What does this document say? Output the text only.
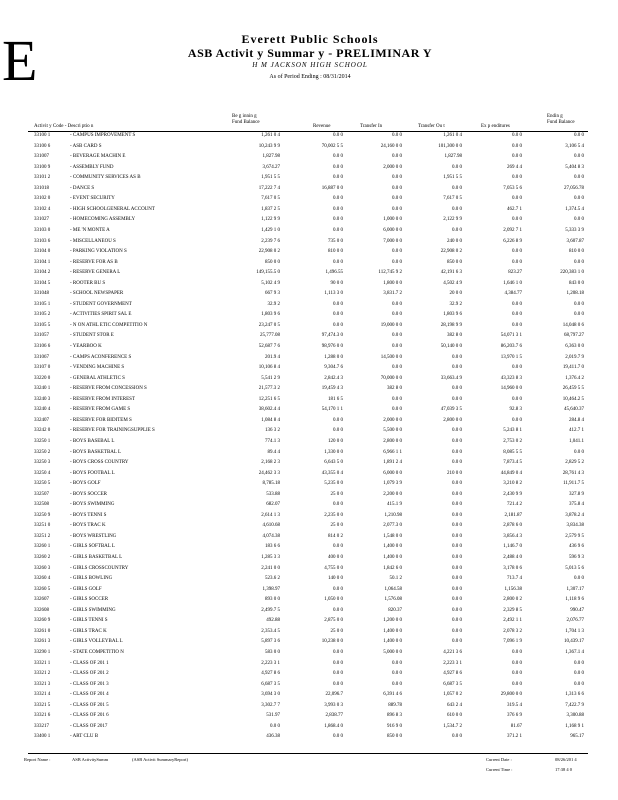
E	Everett Public Schools
ASB Activit y Summar y - PRELIMINAR Y
H M JACKSON HIGH SCHOOL
As of Period Ending : 08/31/2014
Activit y Code - Descri ptio n
Be g innin g
Fund Balance
Revenue	Transfer In	Transfer Ou t	Ex p enditures
Endin g
Fund Balance
33100 1	- CAMPUS IMPROVEMENT S	1,261 0 4	0.0 0	0.0 0	1,261 0 4	0.0 0	0.0 0
33100 6	- ASB CARD S	10,243 9 9	70,002 5 5	24,160 0 0	101,300 0 0	0.0 0	3,106 5 4
331007	- BEVERAGE MACHIN E	1,827.98	0.0 0	0.0 0	1,827.98	0.0 0	0.0 0
33100 9	- ASSEMBLY FUND	3,674.27	0.0 0	2,000 0 0	0.0 0	269 4 4	5,404 8 3
33101 2	- COMMUNITY SERVICES AS B	1,951 5 5	0.0 0	0.0 0	1,951 5 5	0.0 0	0.0 0
331018	- DANCE S	17,222 7 4	16,887 0 0	0.0 0	0.0 0	7,053 5 6	27,056.78
33102 0	- EVENT SECURITY	7,617 0 5	0.0 0	0.0 0	7,617 0 5	0.0 0	0.0 0
33102 4	- HIGH SCHOOLGENERAL ACCOUNT	1,837 2 5	0.0 0	0.0 0	0.0 0	462.7 1	1,374.5 4
331027	- HOMECOMING ASSEMBLY	1,122 9 9	0.0 0	1,000 0 0	2,122 9 9	0.0 0	0.0 0
33103 0	- ME 'N MONTE A	1,429 1 0	0.0 0	6,000 0 0	0.0 0	2,092 7 1	5,333 3 9
33103 6	- MISCELLANEOU S	2,239 7 6	735 0 0	7,000 0 0	240 0 0	6,226 8 9	3,607.87
33104 0	- PARKING VIOLATION S	22,908 0 2	810 0 0	0.0 0	22,908 0 2	0.0 0	810 0 0
33104 1	- RESERVE FOR AS B	850 0 0	0.0 0	0.0 0	850 0 0	0.0 0	0.0 0
33104 2	- RESERVE GENERA L	149,155.5 0	1,496.55	112,745 9 2	42,191 6 3	823.27	220,383 1 0
33104 5	- ROOTER BU S	5,102 4 9	90 0 0	1,800 0 0	4,502 4 9	1,646 1 0	843 0 0
331048	- SCHOOL NEWSPAPER	667 9 3	1,113 3 0	3,831.7 2	20 0 0	4,384.77	1,208.18
33105 1	- STUDENT GOVERNMENT	32.9 2	0.0 0	0.0 0	32.9 2	0.0 0	0.0 0
33105 2	- ACTIVITIES SPIRIT SAL E	1,803 9 6	0.0 0	0.0 0	1,803 9 6	0.0 0	0.0 0
33105 5	- N ON ATHL ETIC COMPETITIO N	23,247 0 5	0.0 0	19,000 0 0	28,198 9 9	0.0 0	14,048 0 6
331057	- STUDENT STOR E	25,777.08	97,474.3 0	0.0 0	382 8 0	54,071 3 1	68,797.27
33106 6	- YEARBOO K	52,687 7 6	98,976 0 0	0.0 0	50,140 0 0	86,203.7 6	6,363 0 0
331067	- CAMPS ACONFERENCE S	201.9 4	1,288 0 0	14,500 0 0	0.0 0	13,970 1 5	2,019.7 9
33107 0	- VENDING MACHINE S	10,106 8 4	9,304.7 6	0.0 0	0.0 0	0.0 0	19,411.7 0
33220 0	- GENERAL ATHLETIC S	5,541 2 9	2,842.4 3	70,000 0 0	33,663.4 9	43,323 8 3	1,376.4 2
33240 1	- RESERVE FROM CONCESSION S	21,577.3 2	19,459 4 3	382 8 0	0.0 0	14,960 0 0	26,459 5 5
33240 3	- RESERVE FROM INTEREST	12,251 6 5	181 6 5	0.0 0	0.0 0	0.0 0	10,464.2 5
33240 4	- RESERVE FROM GAME S	38,602.4 4	54,170 1 1	0.0 0	47,039 3 5	92.8 3	45,640.37
332407	- RESERVE FOR BIDITEM S	1,084 8 4	0.0 0	2,000 0 0	2,800 0 0	0.0 0	284.8 4
33242 0	- RESERVE FOR TRAININGSUPPLIE S	136 3 2	0.0 0	5,500 0 0	0.0 0	5,243 8 1	412.7 1
33250 1	- BOYS BASEBAL L	774.1 3	120 0 0	2,800 0 0	0.0 0	2,753 0 2	1,041.1
33250 2	- BOYS BASKETBAL L	89.4 4	1,330 0 0	6,966 1 1	0.0 0	8,085 5 5	0.0 0
33250 3	- BOYS CROSS COUNTRY	2,168 2 3	6,643 5 0	1,891 2 4	0.0 0	7,873.4 5	2,829 5 2
33250 4	- BOYS FOOTBAL L	24,462 3 3	43,355 0 4	6,000 0 0	210 0 0	44,849 0 4	28,761 4 3
33250 5	- BOYS GOLF	8,785.18	5,235 0 0	1,079 3 9	0.0 0	3,210 8 2	11,911.7 5
332507	- BOYS SOCCER	533.88	25 0 0	2,200 0 0	0.0 0	2,430 9 9	327.8 9
332508	- BOYS SWIMMING	682.07	0.0 0	415.1 9	0.0 0	721.4 2	375.8 4
33250 9	- BOYS TENNI S	2,614 1 3	2,235 0 0	1,210.98	0.0 0	2,181.87	3,878.2 4
33251 0	- BOYS TRAC K	4,610.68	25 0 0	2,077.3 0	0.0 0	2,878 6 0	3,834.38
33251 2	- BOYS WRESTLING	4,074.38	814 0 2	1,548 0 0	0.0 0	3,856.4 3	2,579 9 5
33260 1	- GIRLS SOFTBAL L	183 6 6	0.0 0	1,400 0 0	0.0 0	1,146.7 0	436 9 6
33260 2	- GIRLS BASKETBAL L	1,285 3 3	400 0 0	1,400 0 0	0.0 0	2,488 4 0	596 9 3
33260 3	- GIRLS CROSSCOUNTRY	2,241 0 0	4,755 0 0	1,842 6 0	0.0 0	3,178 0 6	5,013 5 6
33260 4	- GIRLS BOWLING	523.6 2	140 0 0	50.1 2	0.0 0	713.7 4	0.0 0
33260 5	- GIRLS GOLF	1,398.97	0.0 0	1,064.58	0.0 0	1,156.38	1,307.17
332607	- GIRLS SOCCER	893 0 0	1,050 0 0	1,576.08	0.0 0	2,800 0 2	1,118 9 6
332608	- GIRLS SWIMMING	2,499.7 5	0.0 0	820.37	0.0 0	2,329 8 5	990.47
33260 9	- GIRLS TENNI S	492.88	2,875 0 0	1,200 0 0	0.0 0	2,492 1 1	2,076.77
33261 0	- GIRLS TRAC K	2,353.4 5	25 0 0	1,400 0 0	0.0 0	2,078 3 2	1,704 1 3
33261 3	- GIRLS VOLLEYBAL L	5,897 3 6	10,238 0 0	1,400 0 0	0.0 0	7,096 1 9	10,439.17
33290 1	- STATE COMPETITIO N	583 0 0	0.0 0	5,000 0 0	4,221 3 6	0.0 0	1,367.1 4
33321 1	- CLASS OF 201 1	2,223 3 1	0.0 0	0.0 0	2,223 3 1	0.0 0	0.0 0
33321 2	- CLASS OF 201 2	4,927 8 6	0.0 0	0.0 0	4,927 8 6	0.0 0	0.0 0
33321 3	- CLASS OF 201 3	6,687 3 5	0.0 0	0.0 0	6,687 3 5	0.0 0	0.0 0
33321 4	- CLASS OF 201 4	3,694 3 0	22,096.7	6,391 4 6	1,057 0 2	29,800 0 0	1,313 6 6
33321 5	- CLASS OF 201 5	3,302.7 7	3,993 0 3	889.78	643 2 4	319.5 4	7,422.7 9
33321 6	- CLASS OF 201 6	531.97	2,838.77	896 8 3	610 0 0	376 6 9	3,300.88
333217	- CLASS OF 2017	0.0 0	1,868.4 0	916 9 0	1,534.7 2	81.67	1,168 9 1
33400 1	- ART CLU B	436.38	0.0 0	850 0 0	0.0 0	371.2 1	965.17
Report Name :	ASB ActivitySumm	(ASB Activit SummaryReport)	Current Date :	08/26/201 4
Current Time :	17:38 4 0
